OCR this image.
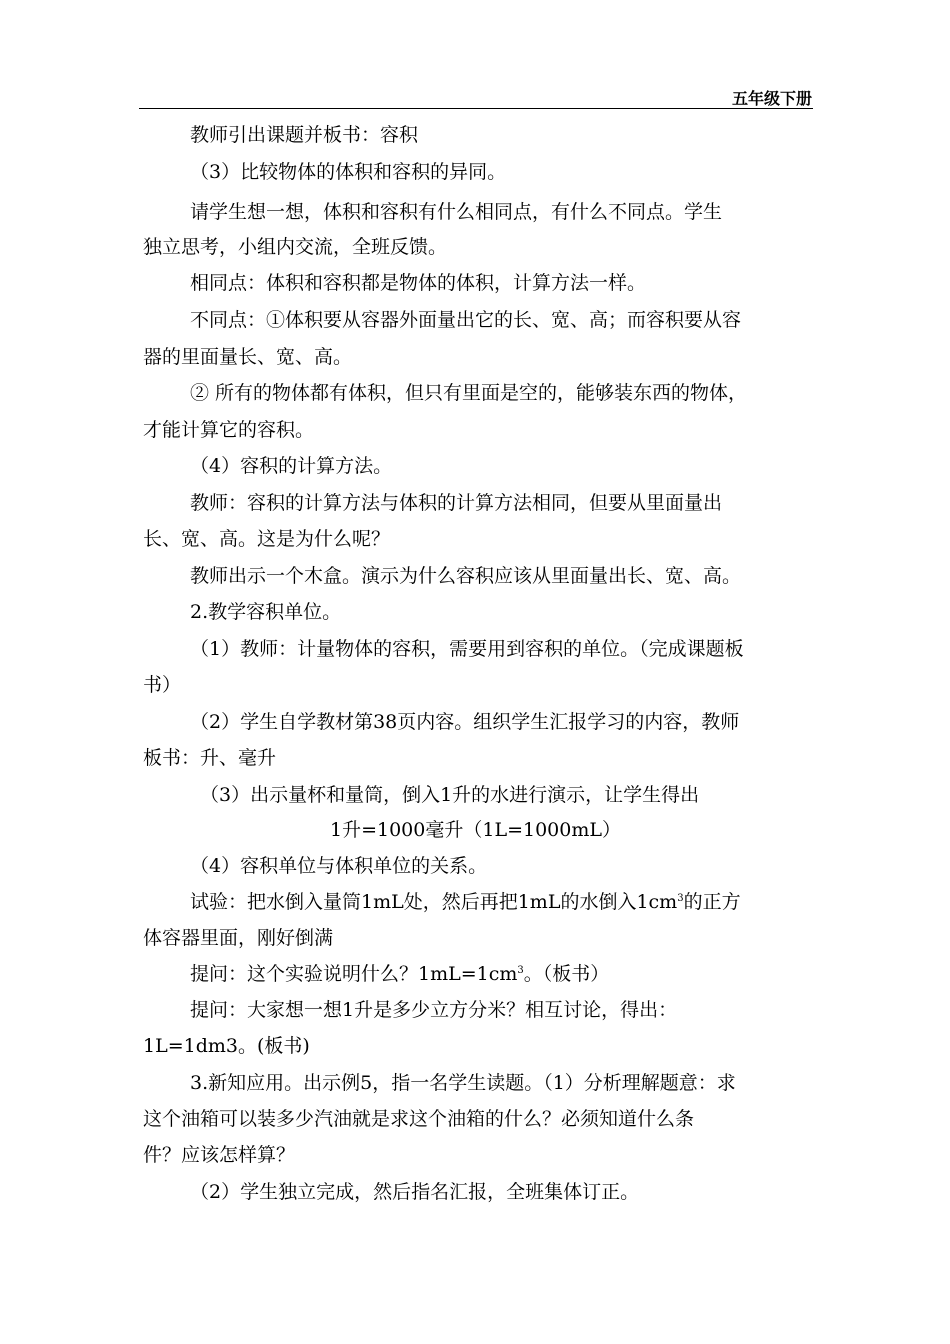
五年级下册
教师引出课题并板书：容积
（3）比较物体的体积和容积的异同。
请学生想一想，体积和容积有什么相同点，有什么不同点。学生
独立思考，小组内交流，全班反馈。
相同点：体积和容积都是物体的体积，计算方法一样。
不同点：①体积要从容器外面量出它的长、宽、高；而容积要从容
器的里面量长、宽、高。
② 所有的物体都有体积，但只有里面是空的，能够装东西的物体，
才能计算它的容积。
（4）容积的计算方法。
教师：容积的计算方法与体积的计算方法相同，但要从里面量出
长、宽、高。这是为什么呢？
教师出示一个木盒。演示为什么容积应该从里面量出长、宽、高。
2.教学容积单位。
（1）教师：计量物体的容积，需要用到容积的单位。（完成课题板
书）
（2）学生自学教材第38页内容。组织学生汇报学习的内容，教师
板书：升、毫升
（3）出示量杯和量筒，倒入1升的水进行演示，让学生得出
1升=1000毫升（1L=1000mL）
（4）容积单位与体积单位的关系。
试验：把水倒入量筒1mL处，然后再把1mL的水倒入$1cm^3$的正方
体容器里面，刚好倒满
提问：这个实验说明什么？$1mL=1cm^3$。（板书）
提问：大家想一想1升是多少立方分米？相互讨论，得出：
1L=1dm3。(板书)
3.新知应用。出示例5，指一名学生读题。（1）分析理解题意：求
这个油箱可以装多少汽油就是求这个油箱的什么？必须知道什么条
件？应该怎样算？
（2）学生独立完成，然后指名汇报，全班集体订正。
